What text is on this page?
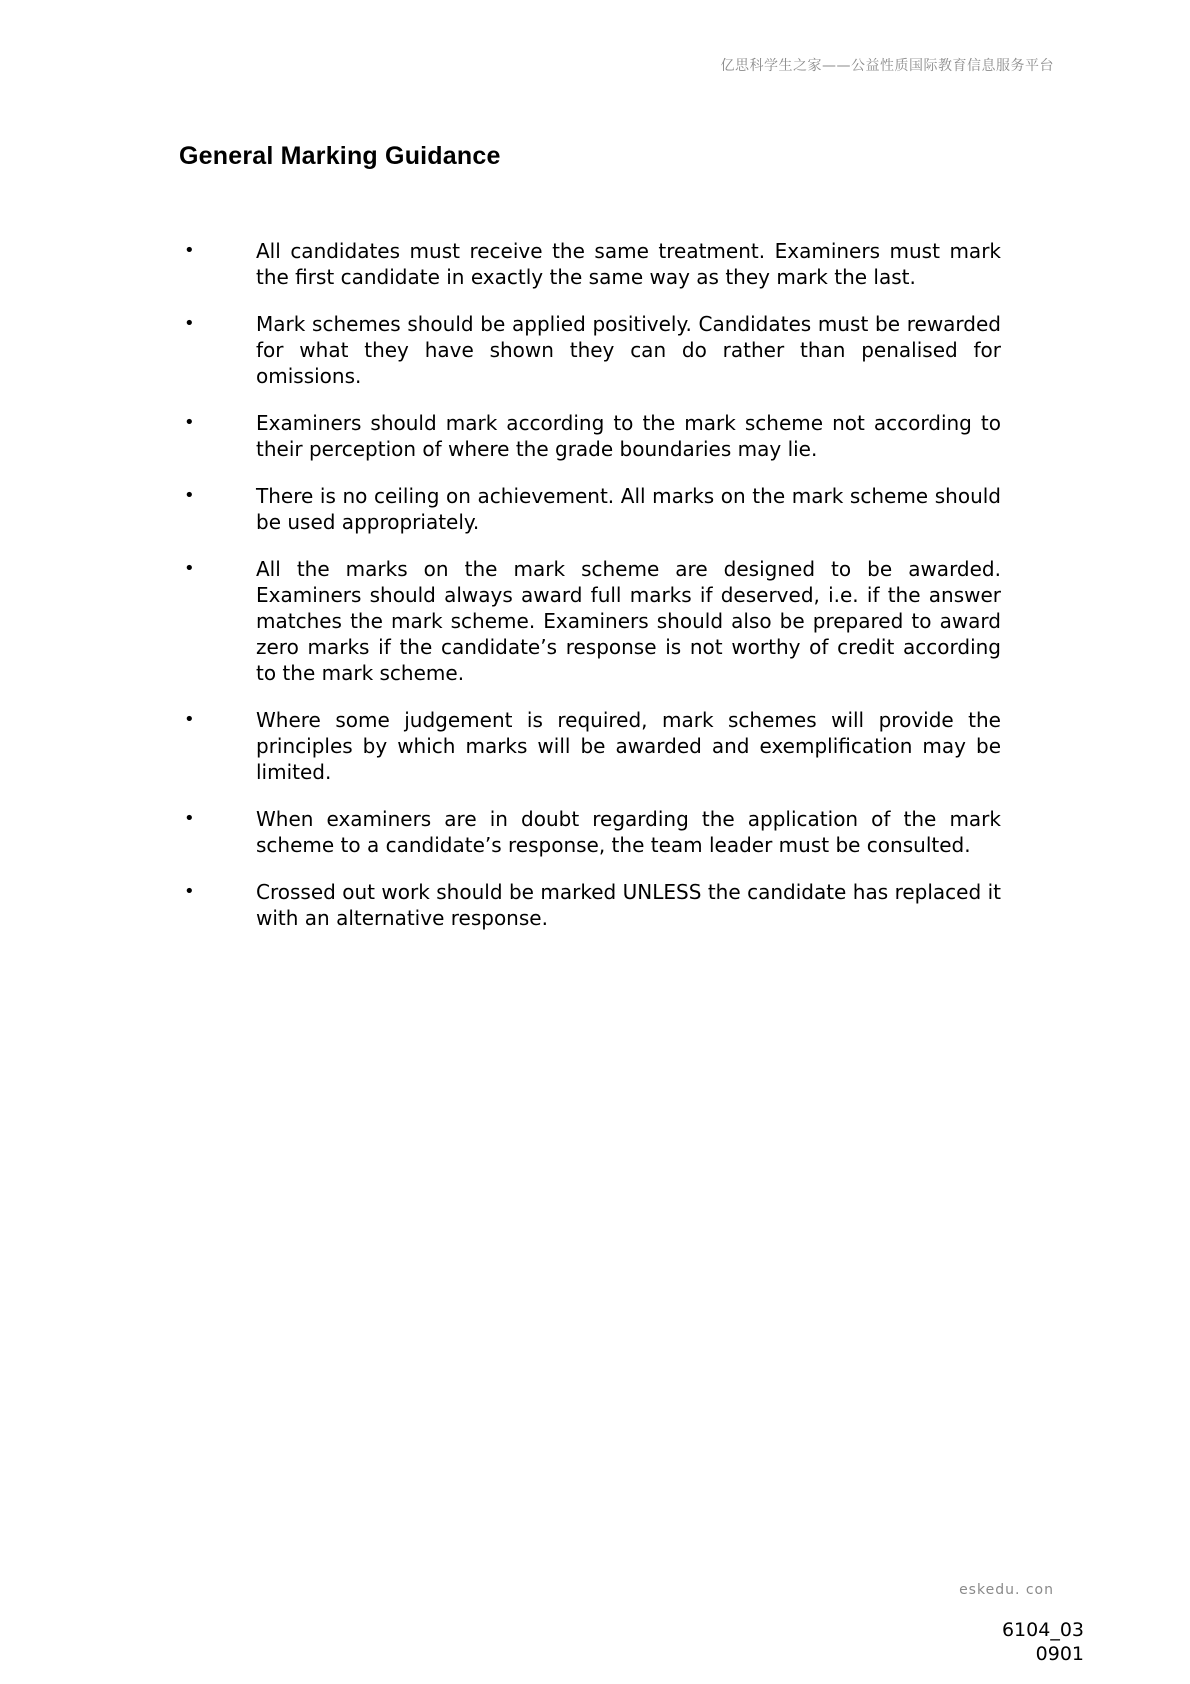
亿思科学生之家——公益性质国际教育信息服务平台
General Marking Guidance
•	All candidates must receive the same treatment. Examiners must mark the first candidate in exactly the same way as they mark the last.
•	Mark schemes should be applied positively. Candidates must be rewarded for what they have shown they can do rather than penalised for omissions.
•	Examiners should mark according to the mark scheme not according to their perception of where the grade boundaries may lie.
•	There is no ceiling on achievement. All marks on the mark scheme should be used appropriately.
•	All the marks on the mark scheme are designed to be awarded. Examiners should always award full marks if deserved, i.e. if the answer matches the mark scheme. Examiners should also be prepared to award zero marks if the candidate’s response is not worthy of credit according to the mark scheme.
•	Where some judgement is required, mark schemes will provide the principles by which marks will be awarded and exemplification may be limited.
•	When examiners are in doubt regarding the application of the mark scheme to a candidate’s response, the team leader must be consulted.
•	Crossed out work should be marked UNLESS the candidate has replaced it with an alternative response.
eskedu. con
6104_03
0901
